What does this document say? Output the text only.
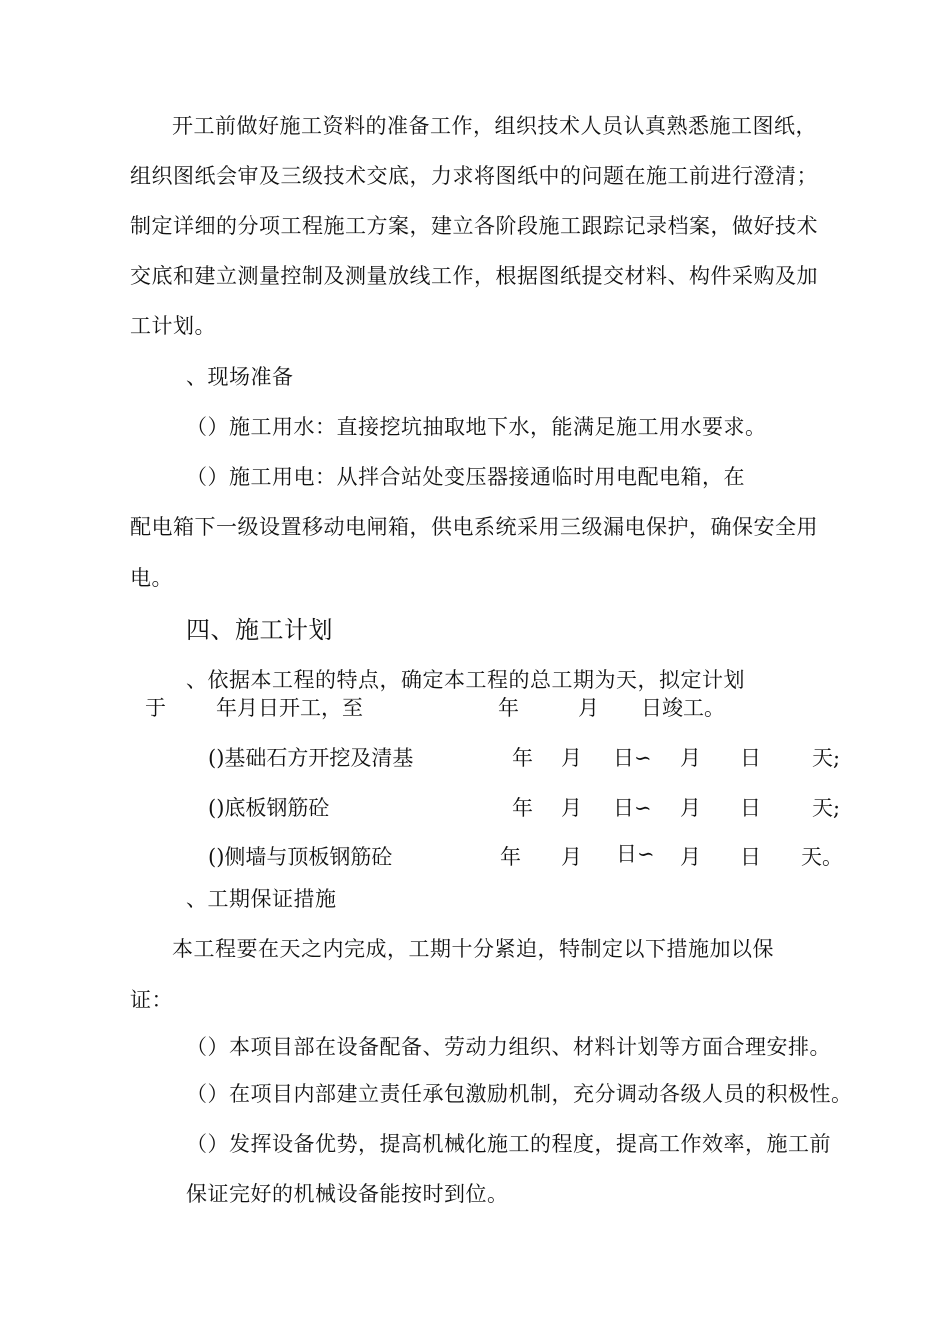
开工前做好施工资料的准备工作，组织技术人员认真熟悉施工图纸，
组织图纸会审及三级技术交底，力求将图纸中的问题在施工前进行澄清；
制定详细的分项工程施工方案，建立各阶段施工跟踪记录档案，做好技术
交底和建立测量控制及测量放线工作，根据图纸提交材料、构件采购及加
工计划。
、现场准备
（）施工用水：直接挖坑抽取地下水，能满足施工用水要求。
（）施工用电：从拌合站处变压器接通临时用电配电箱，在
配电箱下一级设置移动电闸箱，供电系统采用三级漏电保护，确保安全用
电。
四、施工计划
、依据本工程的特点，确定本工程的总工期为天，拟定计划
于 年月日开工，至	年	月 日竣工。
()基础石方开挖及清基	年 月 日∽ 月 日 天;
()底板钢筋砼	年 月 日∽ 月 日 天;
()侧墙与顶板钢筋砼	年 月 日∽ 月 日 天。
、工期保证措施
本工程要在天之内完成，工期十分紧迫，特制定以下措施加以保
证：
（）本项目部在设备配备、劳动力组织、材料计划等方面合理安排。
（）在项目内部建立责任承包激励机制，充分调动各级人员的积极性。
（）发挥设备优势，提高机械化施工的程度，提高工作效率，施工前
保证完好的机械设备能按时到位。
